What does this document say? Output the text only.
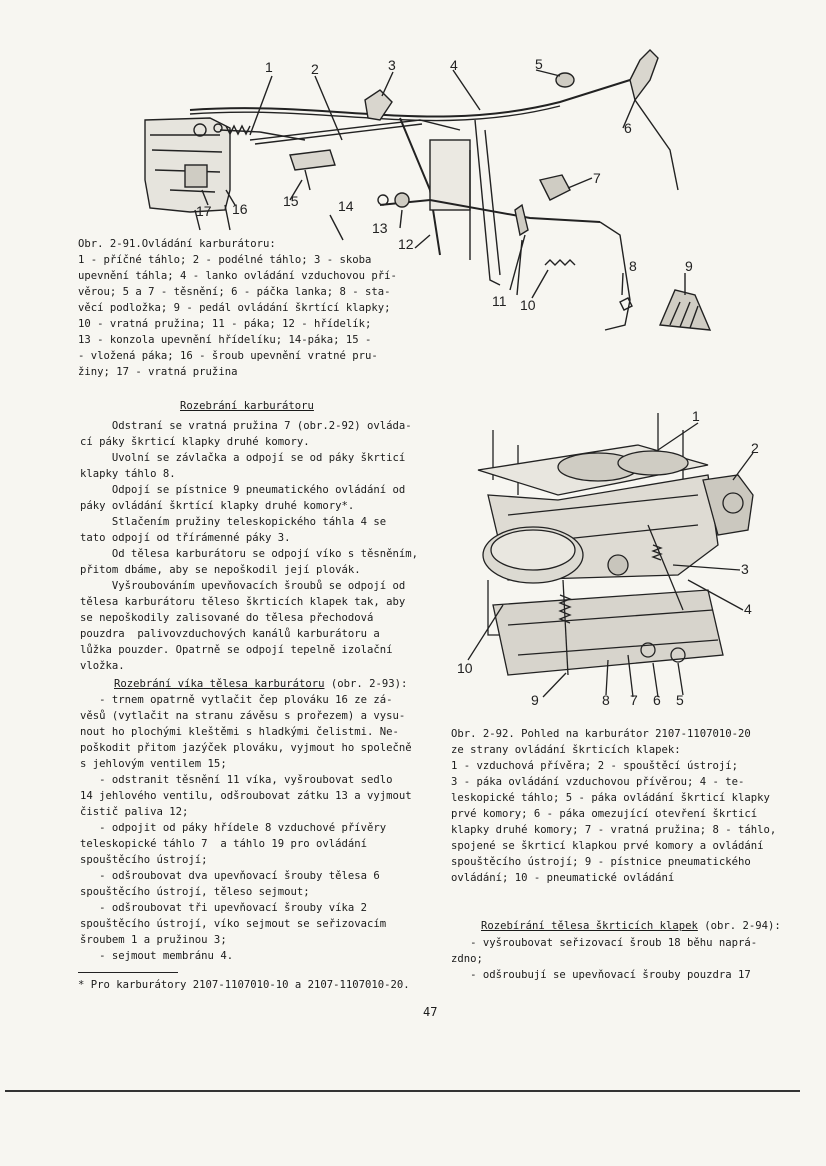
1	2	3	4	5
6
7
8	9
10
11
12
13
14
15
16
17
Obr. 2-91.Ovládání karburátoru:
1 - příčné táhlo; 2 - podélné táhlo; 3 - skoba
upevnění táhla; 4 - lanko ovládání vzduchovou pří-
věrou; 5 a 7 - těsnění; 6 - páčka lanka; 8 - sta-
věcí podložka; 9 - pedál ovládání škrtící klapky;
10 - vratná pružina; 11 - páka; 12 - hřídelík;
13 - konzola upevnění hřídelíku; 14-páka; 15 -
- vložená páka; 16 - šroub upevnění vratné pru-
žiny; 17 - vratná pružina
Rozebrání karburátoru
Odstraní se vratná pružina 7 (obr.2-92) ovláda-
cí páky škrticí klapky druhé komory.
Uvolní se závlačka a odpojí se od páky škrticí
klapky táhlo 8.
Odpojí se pístnice 9 pneumatického ovládání od
páky ovládání škrtící klapky druhé komory*.
Stlačením pružiny teleskopického táhla 4 se
tato odpojí od třírámenné páky 3.
Od tělesa karburátoru se odpojí víko s těsněním,
přitom dbáme, aby se nepoškodil její plovák.
Vyšroubováním upevňovacích šroubů se odpojí od
tělesa karburátoru těleso škrticích klapek tak, aby
se nepoškodily zalisované do tělesa přechodová
pouzdra  palivovzduchových kanálů karburátoru a
lůžka pouzder. Opatrně se odpojí tepelně izolační
vložka.
Rozebrání víka tělesa karburátoru (obr. 2-93):
- trnem opatrně vytlačit čep plováku 16 ze zá-
věsů (vytlačit na stranu závěsu s prořezem) a vysu-
nout ho plochými kleštěmi s hladkými čelistmi. Ne-
poškodit přitom jazýček plováku, vyjmout ho společně
s jehlovým ventilem 15;
- odstranit těsnění 11 víka, vyšroubovat sedlo
14 jehlového ventilu, odšroubovat zátku 13 a vyjmout
čistič paliva 12;
- odpojit od páky hřídele 8 vzduchové přívěry
teleskopické táhlo 7  a táhlo 19 pro ovládání
spouštěcího ústrojí;
- odšroubovat dva upevňovací šrouby tělesa 6
spouštěcího ústrojí, těleso sejmout;
- odšroubovat tři upevňovací šrouby víka 2
spouštěcího ústrojí, víko sejmout se seřizovacím
šroubem 1 a pružinou 3;
- sejmout membránu 4.
* Pro karburátory 2107-1107010-10 a 2107-1107010-20.
1
2
3
4
5
6
7
8
9
10
Obr. 2-92. Pohled na karburátor 2107-1107010-20
ze strany ovládání škrticích klapek:
1 - vzduchová přívěra; 2 - spouštěcí ústrojí;
3 - páka ovládání vzduchovou přívěrou; 4 - te-
leskopické táhlo; 5 - páka ovládání škrticí klapky
prvé komory; 6 - páka omezující otevření škrticí
klapky druhé komory; 7 - vratná pružina; 8 - táhlo,
spojené se škrticí klapkou prvé komory a ovládání
spouštěcího ústrojí; 9 - pístnice pneumatického
ovládání; 10 - pneumatické ovládání
Rozebírání tělesa škrticích klapek (obr. 2-94):
- vyšroubovat seřizovací šroub 18 běhu naprá-
zdno;
- odšroubují se upevňovací šrouby pouzdra 17
47
